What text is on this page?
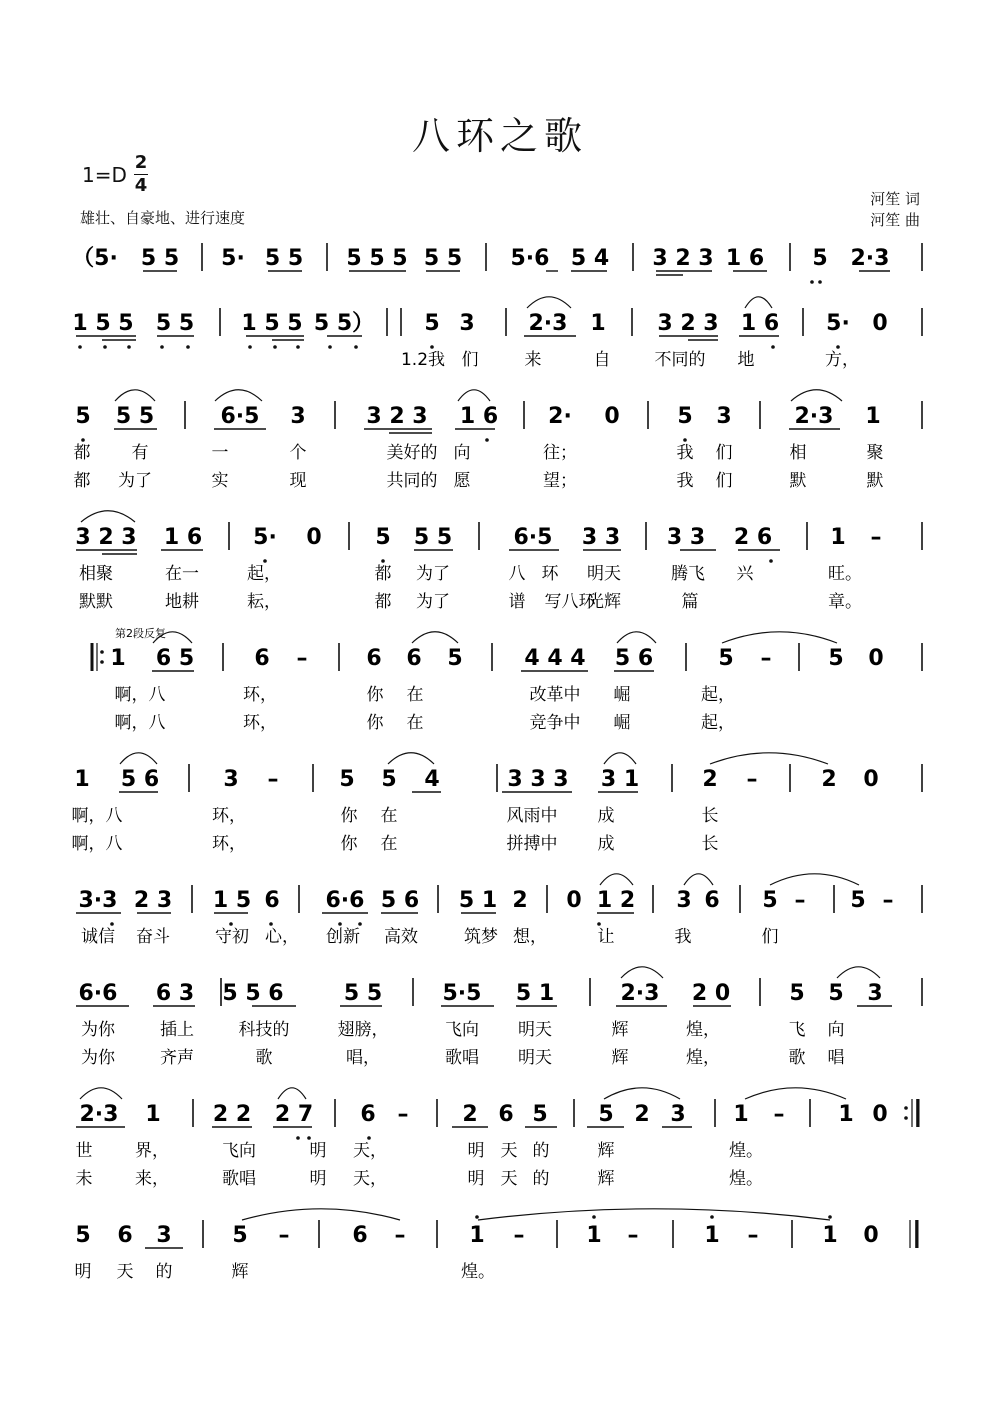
八环之歌
1=D
2
4
雄壮、自豪地、进行速度
河笙 词
河笙 曲
（5· 5 5 5· 5 5 5 5 5 5 5 5·6 5 4 3 2 3 1 6 5 2·3
1 5 5 5 5 1 5 5 5 5） 5 3 2·3 1 3 2 3 1 6 5· 0
1.2我 们	来	自	不同的 地	方，
5 5 5	6·5 3	3 2 3 1 6 2· 0	5 3	2·3 1
都 有	一	个	美好的 向	往；	我 们	相	聚
都 为了	实	现	共同的 愿	望；	我 们	默	默
3 2 3 1 6 5· 0 5 5 5	6·5 3 3 3 3 2 6	1 –
相聚	在一	起，	都 为了	八 环 明天	腾飞 兴	旺。
默默	地耕	耘，	都 为了	谱 写八环
光辉	篇	章。
1 6 5	6 –	6 6 5	4 4 4 5 6	5 –	5 0
第2段反复
啊，八	环，	你 在	改革中 崛	起，
啊，八	环，	你 在	竞争中 崛	起，
1 5 6	3 –	5 5 4	3 3 3 3 1	2 –	2 0
啊，八	环，	你 在	风雨中 成	长
啊，八	环，	你 在	拼搏中 成	长
3·3 2 3 1 5 6 6·6 5 6 5 1 2 0 1 2 3 6 5 – 5 –
诚信 奋斗	守初 心， 创新 高效	筑梦 想，	让	我	们
6·6 6 3 5 5 6	5 5	5·5 5 1	2·3 2 0	5 5 3
为你	插上	科技的	翅膀，	飞向 明天	辉	煌，	飞 向
为你	齐声	歌	唱，	歌唱 明天	辉	煌，	歌 唱
2·3 1 2 2 2 7 6 – 2 6 5 5 2 3 1 – 1 0
世	界，	飞向	明 天，	明 天 的	辉	煌。
未	来，	歌唱	明 天，	明 天 的	辉	煌。
5 6 3	5 –	6 –	1 –	1 –	1 –	1 0
明 天 的	辉	煌。
